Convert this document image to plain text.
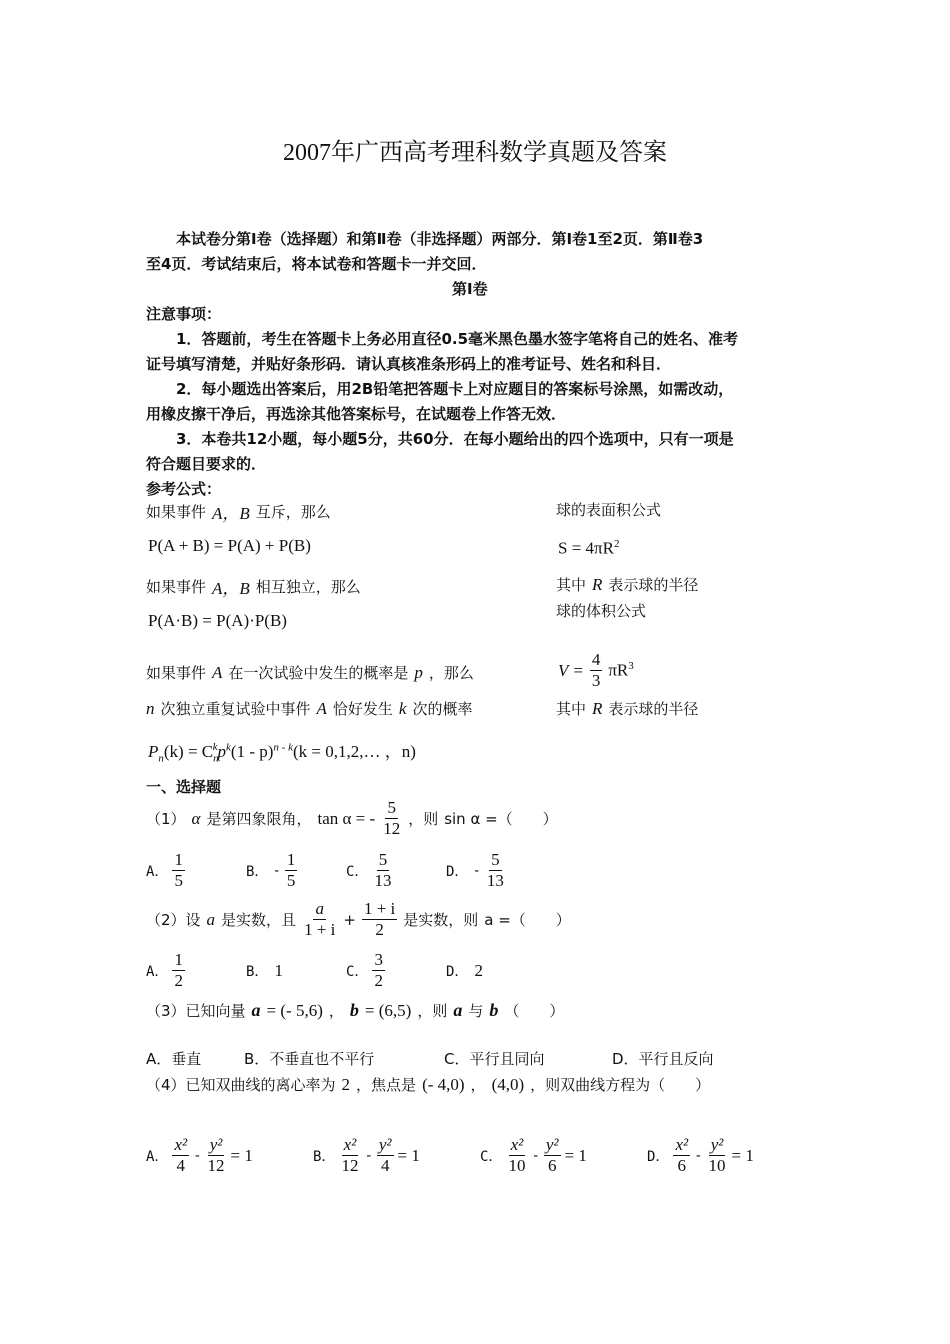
2007年广西高考理科数学真题及答案
本试卷分第Ⅰ卷（选择题）和第Ⅱ卷（非选择题）两部分．第Ⅰ卷1至2页．第Ⅱ卷3
至4页．考试结束后，将本试卷和答题卡一并交回．
第Ⅰ卷
注意事项：
1．答题前，考生在答题卡上务必用直径0.5毫米黑色墨水签字笔将自己的姓名、准考
证号填写清楚，并贴好条形码．请认真核准条形码上的准考证号、姓名和科目．
2．每小题选出答案后，用2B铅笔把答题卡上对应题目的答案标号涂黑，如需改动，
用橡皮擦干净后，再选涂其他答案标号，在试题卷上作答无效．
3．本卷共12小题，每小题5分，共60分．在每小题给出的四个选项中，只有一项是
符合题目要求的．
参考公式：
如果事件 A，B 互斥，那么
P(A + B) = P(A) + P(B)
如果事件 A，B 相互独立，那么
P(A·B) = P(A)·P(B)
如果事件 A 在一次试验中发生的概率是 p ，那么
n 次独立重复试验中事件 A 恰好发生 k 次的概率
$P_n(k) = C_n^kp^k(1 - p)^{n - k}(k$ = 0,1,2,… ，n)
球的表面积公式
$S = 4\pi R^2$
其中 R 表示球的半径
球的体积公式
$V = \frac{4}{3} \pi R^3$
其中 R 表示球的半径
一、选择题
（1） α 是第四象限角， tan α = - $\frac{5}{12}$ ，则 sin α =（　　）
A． $\frac{1}{5}$	B． - $\frac{1}{5}$	C． $\frac{5}{13}$	D． - $\frac{5}{13}$
（2）设 a 是实数，且 $\frac{a}{1 + i} + \frac{1 + i}{2}$ 是实数，则 a =（　　）
A． $\frac{1}{2}$	B． 1	C． $\frac{3}{2}$	D． 2
（3）已知向量 a = (- 5,6) ， b = (6,5) ，则 a 与 b （　　）
A．垂直	B．不垂直也不平行	C．平行且同向	D．平行且反向
（4）已知双曲线的离心率为 2 ，焦点是 (- 4,0) ， (4,0) ，则双曲线方程为（　　）
A． $\frac{\text{x²}}{4} - \frac{\text{y²}}{12} = 1$	B． $\frac{\text{x²}}{12} - \frac{\text{y²}}{4} = 1$	C． $\frac{\text{x²}}{10} - \frac{\text{y²}}{6} = 1$	D． $\frac{\text{x²}}{6} - \frac{\text{y²}}{10} = 1$
